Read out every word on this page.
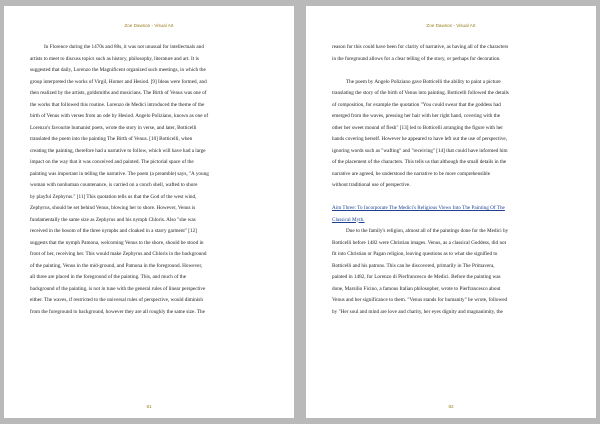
Zoe Dawson - Visual Art
In Florence during the 1470s and 80s, it was not unusual for intellectuals and
artists to meet to discuss topics such as history, philosophy, literature and art. It is
suggested that daily, Lorenzo the Magnificent organized such meetings, in which the
group interpreted the works of Virgil, Homer and Hesiod. [9] Ideas were formed, and
then realized by the artists, goldsmiths and musicians. The Birth of Venus was one of
the works that followed this routine. Lorenzo de Medici introduced the theme of the
birth of Venus with verses from an ode by Hesiod. Angelo Poliziano, known as one of
Lorenzo's favourite humanist poets, wrote the story in verse, and later, Botticelli
translated the poem into the painting The Birth of Venus. [10] Botticelli, when
creating the painting, therefore had a narrative to follow, which will have had a large
impact on the way that it was conceived and painted. The pictorial space of the
painting was important in telling the narrative. The poem (a preamble) says, "A young
woman with nonhuman countenance, is carried on a conch shell, wafted to shore
by playful Zephyrus." [11] This quotation tells us that the God of the west wind,
Zephyrus, should be set behind Venus, blowing her to shore. However, Venus is
fundamentally the same size as Zephyrus and his nymph Chloris. Also "she was
received in the bosom of the three nymphs and cloaked in a starry garment" [12]
suggests that the nymph Pamona, welcoming Venus to the shore, should be stood in
front of her, receiving her. This would make Zephyrus and Chloris in the background
of the painting, Venus in the mid-ground, and Pamona in the foreground. However,
all three are placed in the foreground of the painting. This, and much of the
background of the painting, is not in tune with the general rules of linear perspective
either. The waves, if restricted to the universal rules of perspective, would diminish
from the foreground to background, however they are all roughly the same size. The
81
Zoe Dawson - Visual Art
reason for this could have been for clarity of narrative, as having all of the characters
in the foreground allows for a clear telling of the story, or perhaps for decoration.
The poem by Angelo Poliziano gave Botticelli the ability to paint a picture
translating the story of the birth of Venus into painting. Botticelli followed the details
of composition, for example the quotation "You could swear that the goddess had
emerged from the waves, pressing her hair with her right hand, covering with the
other her sweet mound of flesh" [13] led to Botticelli arranging the figure with her
hands covering herself. However he appeared to have left out the use of perspective,
ignoring words such as "wafting" and "receiving" [14] that could have informed him
of the placement of the characters. This tells us that although the small details in the
narrative are agreed, he understood the narrative to be more comprehensible
without traditional use of perspective.
Aim Three: To Incorporate The Medici's Religious Views Into The Painting Of The
Classical Myth.
Due to the family's religion, almost all of the paintings done for the Medici by
Botticelli before 1482 were Christian images. Venus, as a classical Goddess, did not
fit into Christian or Pagan religion, leaving questions as to what she signified to
Botticelli and his patrons. This can be discovered, primarily in The Primavera,
painted in 1482, for Lorenzo di Pierfrancesco de Medici. Before the painting was
done, Marsilio Ficino, a famous Italian philosopher, wrote to Pierfrancesco about
Venus and her significance to them. "Venus stands for humanity" he wrote, followed
by "Her soul and mind are love and charity, her eyes dignity and magnanimity, the
82
